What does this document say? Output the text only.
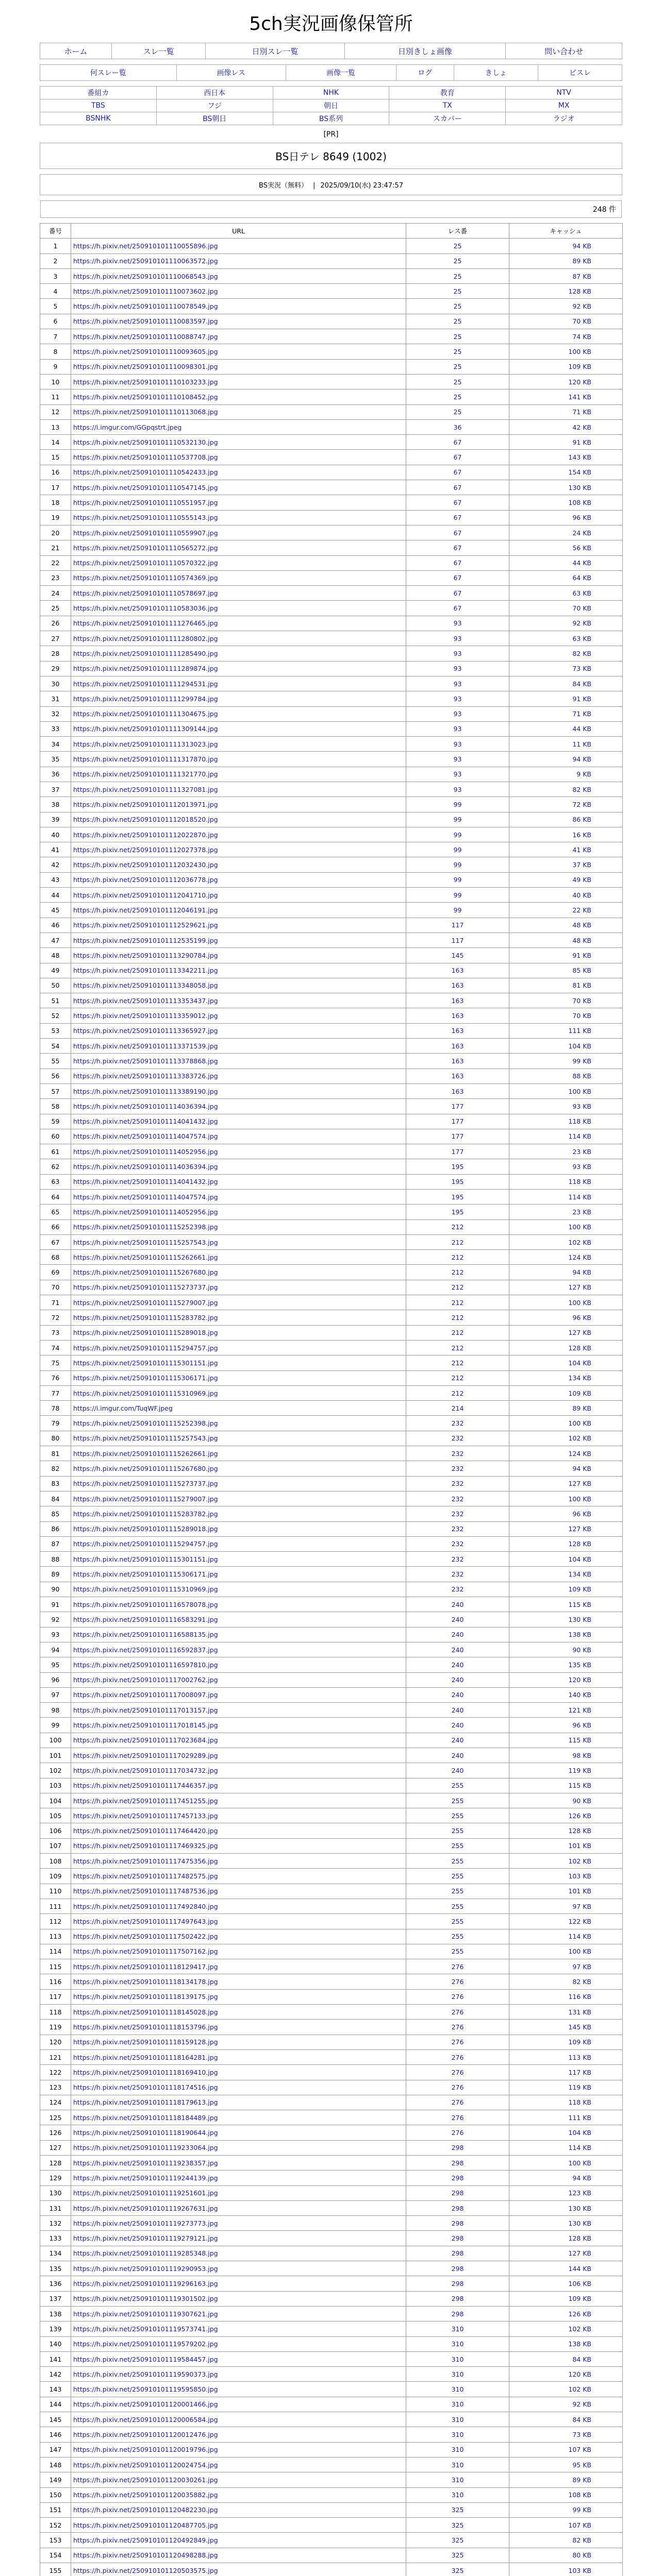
5ch実況画像保管所
ホーム	スレ一覧	日別スレ一覧	日別きしょ画像	問い合わせ
何スレー覧	画像レス	画像一覧	ログ	きしょ	ビスレ
番組カ	西日本	NHK	教育	NTV
TBS	フジ	朝日	TX	MX
BSNHK	BS朝日	BS系列	スカパー	ラジオ
[PR]
BS日テレ 8649 (1002)
BS実況（無料） | 2025/09/10(水) 23:47:57
248 件
番号	URL	レス番	キャッシュ
1	https://h.pixiv.net/250910101110055896.jpg	25	94 KB
2	https://h.pixiv.net/250910101110063572.jpg	25	89 KB
3	https://h.pixiv.net/250910101110068543.jpg	25	87 KB
4	https://h.pixiv.net/250910101110073602.jpg	25	128 KB
5	https://h.pixiv.net/250910101110078549.jpg	25	92 KB
6	https://h.pixiv.net/250910101110083597.jpg	25	70 KB
7	https://h.pixiv.net/250910101110088747.jpg	25	74 KB
8	https://h.pixiv.net/250910101110093605.jpg	25	100 KB
9	https://h.pixiv.net/250910101110098301.jpg	25	109 KB
10	https://h.pixiv.net/250910101110103233.jpg	25	120 KB
11	https://h.pixiv.net/250910101110108452.jpg	25	141 KB
12	https://h.pixiv.net/250910101110113068.jpg	25	71 KB
13	https://i.imgur.com/GGpqstrt.jpeg	36	42 KB
14	https://h.pixiv.net/250910101110532130.jpg	67	91 KB
15	https://h.pixiv.net/250910101110537708.jpg	67	143 KB
16	https://h.pixiv.net/250910101110542433.jpg	67	154 KB
17	https://h.pixiv.net/250910101110547145.jpg	67	130 KB
18	https://h.pixiv.net/250910101110551957.jpg	67	108 KB
19	https://h.pixiv.net/250910101110555143.jpg	67	96 KB
20	https://h.pixiv.net/250910101110559907.jpg	67	24 KB
21	https://h.pixiv.net/250910101110565272.jpg	67	56 KB
22	https://h.pixiv.net/250910101110570322.jpg	67	44 KB
23	https://h.pixiv.net/250910101110574369.jpg	67	64 KB
24	https://h.pixiv.net/250910101110578697.jpg	67	63 KB
25	https://h.pixiv.net/250910101110583036.jpg	67	70 KB
26	https://h.pixiv.net/250910101111276465.jpg	93	92 KB
27	https://h.pixiv.net/250910101111280802.jpg	93	63 KB
28	https://h.pixiv.net/250910101111285490.jpg	93	82 KB
29	https://h.pixiv.net/250910101111289874.jpg	93	73 KB
30	https://h.pixiv.net/250910101111294531.jpg	93	84 KB
31	https://h.pixiv.net/250910101111299784.jpg	93	91 KB
32	https://h.pixiv.net/250910101111304675.jpg	93	71 KB
33	https://h.pixiv.net/250910101111309144.jpg	93	44 KB
34	https://h.pixiv.net/250910101111313023.jpg	93	11 KB
35	https://h.pixiv.net/250910101111317870.jpg	93	94 KB
36	https://h.pixiv.net/250910101111321770.jpg	93	9 KB
37	https://h.pixiv.net/250910101111327081.jpg	93	82 KB
38	https://h.pixiv.net/250910101112013971.jpg	99	72 KB
39	https://h.pixiv.net/250910101112018520.jpg	99	86 KB
40	https://h.pixiv.net/250910101112022870.jpg	99	16 KB
41	https://h.pixiv.net/250910101112027378.jpg	99	41 KB
42	https://h.pixiv.net/250910101112032430.jpg	99	37 KB
43	https://h.pixiv.net/250910101112036778.jpg	99	49 KB
44	https://h.pixiv.net/250910101112041710.jpg	99	40 KB
45	https://h.pixiv.net/250910101112046191.jpg	99	22 KB
46	https://h.pixiv.net/250910101112529621.jpg	117	48 KB
47	https://h.pixiv.net/250910101112535199.jpg	117	48 KB
48	https://h.pixiv.net/250910101113290784.jpg	145	91 KB
49	https://h.pixiv.net/250910101113342211.jpg	163	85 KB
50	https://h.pixiv.net/250910101113348058.jpg	163	81 KB
51	https://h.pixiv.net/250910101113353437.jpg	163	70 KB
52	https://h.pixiv.net/250910101113359012.jpg	163	70 KB
53	https://h.pixiv.net/250910101113365927.jpg	163	111 KB
54	https://h.pixiv.net/250910101113371539.jpg	163	104 KB
55	https://h.pixiv.net/250910101113378868.jpg	163	99 KB
56	https://h.pixiv.net/250910101113383726.jpg	163	88 KB
57	https://h.pixiv.net/250910101113389190.jpg	163	100 KB
58	https://h.pixiv.net/250910101114036394.jpg	177	93 KB
59	https://h.pixiv.net/250910101114041432.jpg	177	118 KB
60	https://h.pixiv.net/250910101114047574.jpg	177	114 KB
61	https://h.pixiv.net/250910101114052956.jpg	177	23 KB
62	https://h.pixiv.net/250910101114036394.jpg	195	93 KB
63	https://h.pixiv.net/250910101114041432.jpg	195	118 KB
64	https://h.pixiv.net/250910101114047574.jpg	195	114 KB
65	https://h.pixiv.net/250910101114052956.jpg	195	23 KB
66	https://h.pixiv.net/250910101115252398.jpg	212	100 KB
67	https://h.pixiv.net/250910101115257543.jpg	212	102 KB
68	https://h.pixiv.net/250910101115262661.jpg	212	124 KB
69	https://h.pixiv.net/250910101115267680.jpg	212	94 KB
70	https://h.pixiv.net/250910101115273737.jpg	212	127 KB
71	https://h.pixiv.net/250910101115279007.jpg	212	100 KB
72	https://h.pixiv.net/250910101115283782.jpg	212	96 KB
73	https://h.pixiv.net/250910101115289018.jpg	212	127 KB
74	https://h.pixiv.net/250910101115294757.jpg	212	128 KB
75	https://h.pixiv.net/250910101115301151.jpg	212	104 KB
76	https://h.pixiv.net/250910101115306171.jpg	212	134 KB
77	https://h.pixiv.net/250910101115310969.jpg	212	109 KB
78	https://i.imgur.com/TuqWF.jpeg	214	89 KB
79	https://h.pixiv.net/250910101115252398.jpg	232	100 KB
80	https://h.pixiv.net/250910101115257543.jpg	232	102 KB
81	https://h.pixiv.net/250910101115262661.jpg	232	124 KB
82	https://h.pixiv.net/250910101115267680.jpg	232	94 KB
83	https://h.pixiv.net/250910101115273737.jpg	232	127 KB
84	https://h.pixiv.net/250910101115279007.jpg	232	100 KB
85	https://h.pixiv.net/250910101115283782.jpg	232	96 KB
86	https://h.pixiv.net/250910101115289018.jpg	232	127 KB
87	https://h.pixiv.net/250910101115294757.jpg	232	128 KB
88	https://h.pixiv.net/250910101115301151.jpg	232	104 KB
89	https://h.pixiv.net/250910101115306171.jpg	232	134 KB
90	https://h.pixiv.net/250910101115310969.jpg	232	109 KB
91	https://h.pixiv.net/250910101116578078.jpg	240	115 KB
92	https://h.pixiv.net/250910101116583291.jpg	240	130 KB
93	https://h.pixiv.net/250910101116588135.jpg	240	138 KB
94	https://h.pixiv.net/250910101116592837.jpg	240	90 KB
95	https://h.pixiv.net/250910101116597810.jpg	240	135 KB
96	https://h.pixiv.net/250910101117002762.jpg	240	120 KB
97	https://h.pixiv.net/250910101117008097.jpg	240	140 KB
98	https://h.pixiv.net/250910101117013157.jpg	240	121 KB
99	https://h.pixiv.net/250910101117018145.jpg	240	96 KB
100	https://h.pixiv.net/250910101117023684.jpg	240	115 KB
101	https://h.pixiv.net/250910101117029289.jpg	240	98 KB
102	https://h.pixiv.net/250910101117034732.jpg	240	119 KB
103	https://h.pixiv.net/250910101117446357.jpg	255	115 KB
104	https://h.pixiv.net/250910101117451255.jpg	255	90 KB
105	https://h.pixiv.net/250910101117457133.jpg	255	126 KB
106	https://h.pixiv.net/250910101117464420.jpg	255	128 KB
107	https://h.pixiv.net/250910101117469325.jpg	255	101 KB
108	https://h.pixiv.net/250910101117475356.jpg	255	102 KB
109	https://h.pixiv.net/250910101117482575.jpg	255	103 KB
110	https://h.pixiv.net/250910101117487536.jpg	255	101 KB
111	https://h.pixiv.net/250910101117492840.jpg	255	97 KB
112	https://h.pixiv.net/250910101117497643.jpg	255	122 KB
113	https://h.pixiv.net/250910101117502422.jpg	255	114 KB
114	https://h.pixiv.net/250910101117507162.jpg	255	100 KB
115	https://h.pixiv.net/250910101118129417.jpg	276	97 KB
116	https://h.pixiv.net/250910101118134178.jpg	276	82 KB
117	https://h.pixiv.net/250910101118139175.jpg	276	116 KB
118	https://h.pixiv.net/250910101118145028.jpg	276	131 KB
119	https://h.pixiv.net/250910101118153796.jpg	276	145 KB
120	https://h.pixiv.net/250910101118159128.jpg	276	109 KB
121	https://h.pixiv.net/250910101118164281.jpg	276	113 KB
122	https://h.pixiv.net/250910101118169410.jpg	276	117 KB
123	https://h.pixiv.net/250910101118174516.jpg	276	119 KB
124	https://h.pixiv.net/250910101118179613.jpg	276	118 KB
125	https://h.pixiv.net/250910101118184489.jpg	276	111 KB
126	https://h.pixiv.net/250910101118190644.jpg	276	104 KB
127	https://h.pixiv.net/250910101119233064.jpg	298	114 KB
128	https://h.pixiv.net/250910101119238357.jpg	298	100 KB
129	https://h.pixiv.net/250910101119244139.jpg	298	94 KB
130	https://h.pixiv.net/250910101119251601.jpg	298	123 KB
131	https://h.pixiv.net/250910101119267631.jpg	298	130 KB
132	https://h.pixiv.net/250910101119273773.jpg	298	130 KB
133	https://h.pixiv.net/250910101119279121.jpg	298	128 KB
134	https://h.pixiv.net/250910101119285348.jpg	298	127 KB
135	https://h.pixiv.net/250910101119290953.jpg	298	144 KB
136	https://h.pixiv.net/250910101119296163.jpg	298	106 KB
137	https://h.pixiv.net/250910101119301502.jpg	298	109 KB
138	https://h.pixiv.net/250910101119307621.jpg	298	126 KB
139	https://h.pixiv.net/250910101119573741.jpg	310	102 KB
140	https://h.pixiv.net/250910101119579202.jpg	310	138 KB
141	https://h.pixiv.net/250910101119584457.jpg	310	84 KB
142	https://h.pixiv.net/250910101119590373.jpg	310	120 KB
143	https://h.pixiv.net/250910101119595850.jpg	310	102 KB
144	https://h.pixiv.net/250910101120001466.jpg	310	92 KB
145	https://h.pixiv.net/250910101120006584.jpg	310	84 KB
146	https://h.pixiv.net/250910101120012476.jpg	310	73 KB
147	https://h.pixiv.net/250910101120019796.jpg	310	107 KB
148	https://h.pixiv.net/250910101120024754.jpg	310	95 KB
149	https://h.pixiv.net/250910101120030261.jpg	310	89 KB
150	https://h.pixiv.net/250910101120035882.jpg	310	108 KB
151	https://h.pixiv.net/250910101120482230.jpg	325	99 KB
152	https://h.pixiv.net/250910101120487705.jpg	325	107 KB
153	https://h.pixiv.net/250910101120492849.jpg	325	82 KB
154	https://h.pixiv.net/250910101120498288.jpg	325	80 KB
155	https://h.pixiv.net/250910101120503575.jpg	325	103 KB
